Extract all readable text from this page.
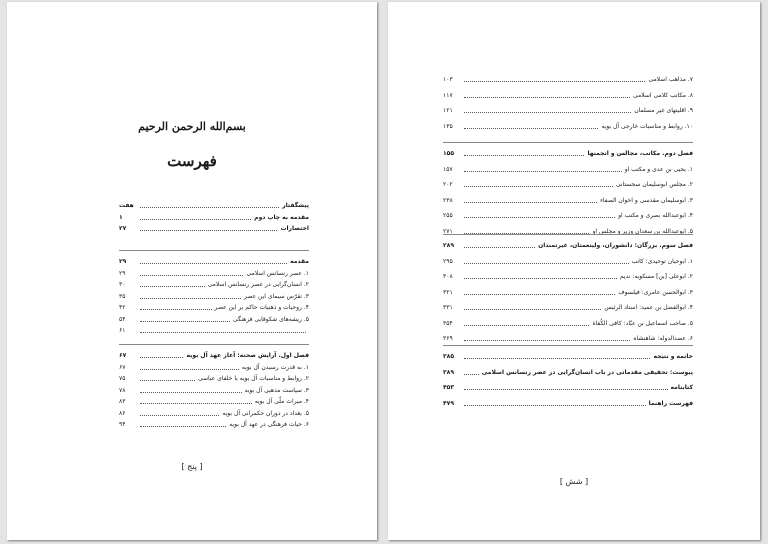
بسم‌الله الرحمن الرحيم
فهرست
پیشگفتار
هفت
مقدمه به چاپ دوم
۱
اختصارات
۲۷
مقدمه
۲۹
۱. عصر رنسانس اسلامی
۲۹
۲. انسان‌گرایی در عصر رنسانس اسلامی
۳۰
۳. تقرّس سیمای این عصر
۳۵
۴. روحیات و ذهنیات حاکم بر این عصر
۴۲
۵. ریشه‌های شکوفایی فرهنگی
۵۴
۶۱
فصل اول. آرایش صحنه: آغاز عهد آل بویه
۶۷
۱. به قدرت رسیدن آل بویه
۶۷
۲. روابط و مناسبات آل بویه با خلفای عباسی
۷۵
۳. سیاست مذهبی آل بویه
۷۸
۴. میراث ملّی آل بویه
۸۳
۵. بغداد در دوران حکمرانی آل بویه
۸۶
۶. حیات فرهنگی در عهد آل بویه
۹۴
[ پنج ]
۷. مذاهب اسلامی
۱۰۳
۸. مکاتب کلامی اسلامی
۱۱۷
۹. اقلیتهای غیر مسلمان
۱۲۱
۱۰. روابط و مناسبات خارجی آل بویه
۱۳۵
فصل دوم. مکاتب، مجالس و انجمنها
۱۵۵
۱. یحیی بن عدی و مکتب او
۱۵۷
۲. مجلس ابوسلیمان سجستانی
۲۰۲
۳. ابوسلیمان مقدسی و اخوان الصفاء
۲۳۸
۴. ابوعبدالله بصری و مکتب او
۲۵۵
۵. ابوعبدالله بن سعدان وزیر و مجلس او
۲۷۱
فصل سوم. بزرگان: دانشوران، ولینعمتان، غیر‌تمندان
۲۸۹
۱. ابوحیان توحیدی: کاتب
۲۹۵
۲. ابوعلی [بن] مسکویه: ندیم
۳۰۸
۳. ابوالحسن عامری: فیلسوف
۳۲۱
۴. ابوالفضل بن عمید: استاد الرئیس
۳۳۱
۵. صاحب اسماعیل بن عبّاد: کافی الکُفاة
۳۵۴
۶. عضدالدوله: شاهنشاه
۳۶۹
خاتمه و نتیجه
۳۸۵
پیوست: تحقیقی مقدماتی در باب انسان‌گرایی در عصر رنسانس اسلامی
۳۸۹
کتابنامه
۴۵۳
فهرست راهنما
۴۷۹
[ شش ]
